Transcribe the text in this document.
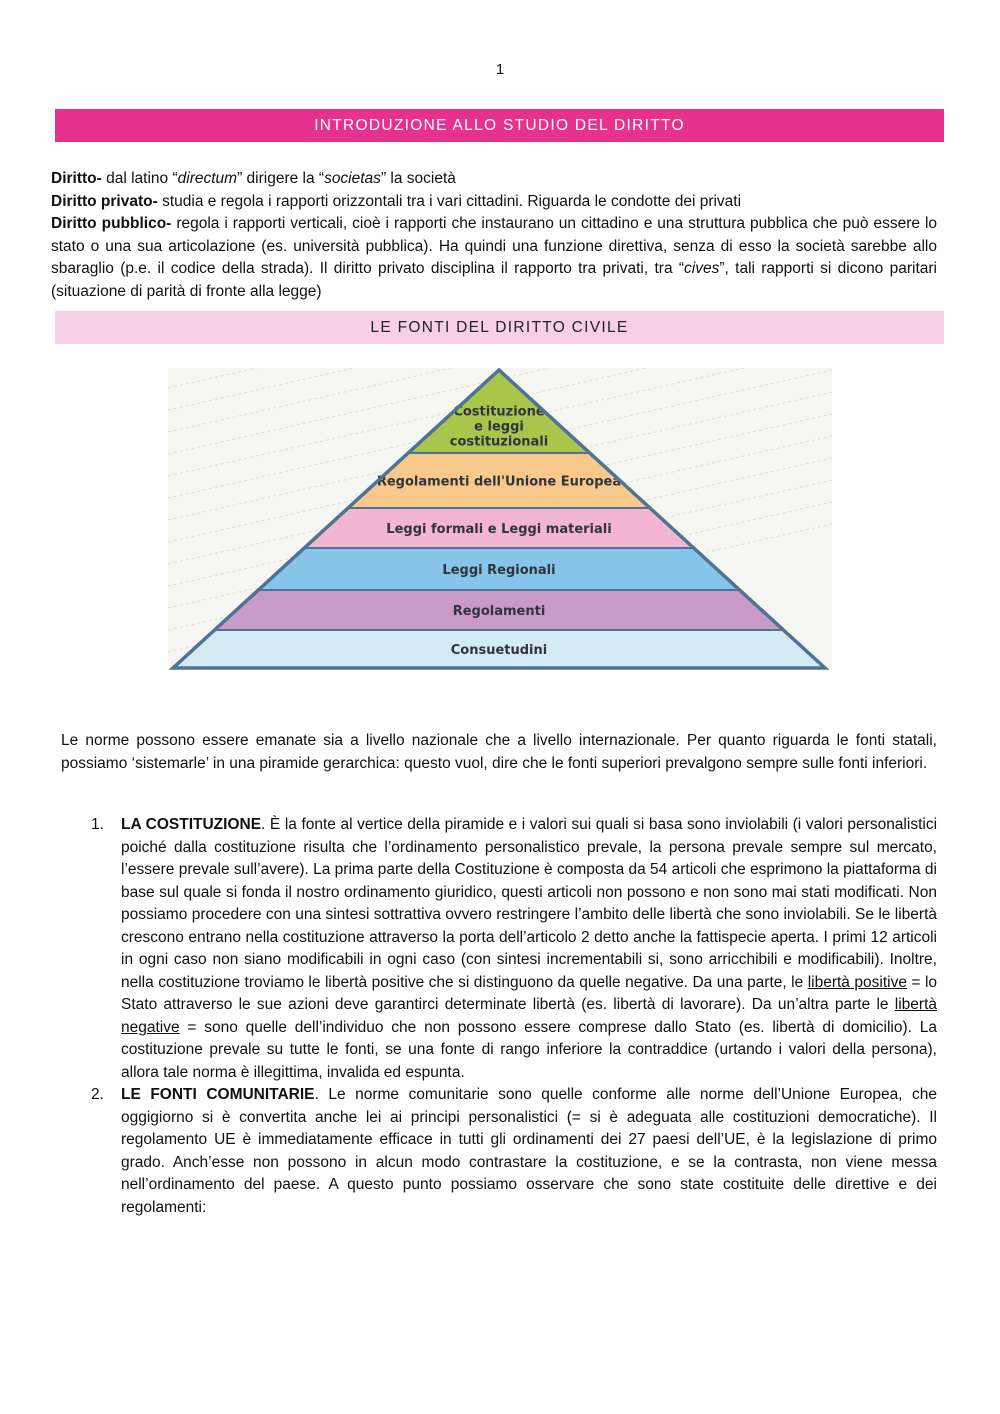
1
INTRODUZIONE ALLO STUDIO DEL DIRITTO

Diritto- dal latino “directum” dirigere la “societas” la società

Diritto privato- studia e regola i rapporti orizzontali tra i vari cittadini. Riguarda le condotte dei privati

Diritto pubblico- regola i rapporti verticali, cioè i rapporti che instaurano un cittadino e una struttura pubblica che può essere lo stato o una sua articolazione (es. università pubblica). Ha quindi una funzione direttiva, senza di esso la società sarebbe allo sbaraglio (p.e. il codice della strada). Il diritto privato disciplina il rapporto tra privati, tra “cives”, tali rapporti si dicono paritari (situazione di parità di fronte alla legge)

LE FONTI DEL DIRITTO CIVILE
Costituzione
e leggi
costituzionali
Regolamenti dell'Unione Europea
Leggi formali e Leggi materiali
Leggi Regionali
Regolamenti
Consuetudini

Le norme possono essere emanate sia a livello nazionale che a livello internazionale. Per quanto riguarda le fonti statali, possiamo ‘sistemarle’ in una piramide gerarchica: questo vuol, dire che le fonti superiori prevalgono sempre sulle fonti inferiori.

1.	LA COSTITUZIONE. È la fonte al vertice della piramide e i valori sui quali si basa sono inviolabili (i valori personalistici poiché dalla costituzione risulta che l’ordinamento personalistico prevale, la persona prevale sempre sul mercato, l’essere prevale sull’avere). La prima parte della Costituzione è composta da 54 articoli che esprimono la piattaforma di base sul quale si fonda il nostro ordinamento giuridico, questi articoli non possono e non sono mai stati modificati. Non possiamo procedere con una sintesi sottrattiva ovvero restringere l’ambito delle libertà che sono inviolabili. Se le libertà crescono entrano nella costituzione attraverso la porta dell’articolo 2 detto anche la fattispecie aperta. I primi 12 articoli in ogni caso non siano modificabili in ogni caso (con sintesi incrementabili si, sono arricchibili e modificabili). Inoltre, nella costituzione troviamo le libertà positive che si distinguono da quelle negative. Da una parte, le libertà positive = lo Stato attraverso le sue azioni deve garantirci determinate libertà (es. libertà di lavorare). Da un’altra parte le libertà negative = sono quelle dell’individuo che non possono essere comprese dallo Stato (es. libertà di domicilio). La costituzione prevale su tutte le fonti, se una fonte di rango inferiore la contraddice (urtando i valori della persona), allora tale norma è illegittima, invalida ed espunta.
2.	LE FONTI COMUNITARIE. Le norme comunitarie sono quelle conforme alle norme dell’Unione Europea, che oggigiorno si è convertita anche lei ai principi personalistici (= si è adeguata alle costituzioni democratiche). Il regolamento UE è immediatamente efficace in tutti gli ordinamenti dei 27 paesi dell’UE, è la legislazione di primo grado. Anch’esse non possono in alcun modo contrastare la costituzione, e se la contrasta, non viene messa nell’ordinamento del paese. A questo punto possiamo osservare che sono state costituite delle direttive e dei regolamenti:
